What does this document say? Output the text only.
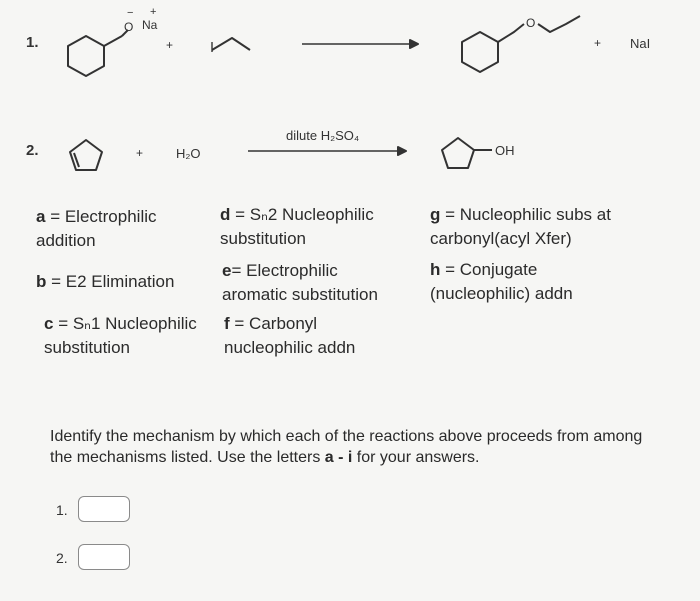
1.
O
−
Na
+
+
O
+ NaI
2.	+	H₂O
dilute H₂SO₄
OH
a = Electrophilic
addition
b = E2 Elimination
c = Sₙ1 Nucleophilic
substitution
d = Sₙ2 Nucleophilic
substitution
e= Electrophilic
aromatic substitution
f = Carbonyl
nucleophilic addn
g = Nucleophilic subs at
carbonyl(acyl Xfer)
h = Conjugate
(nucleophilic) addn
Identify the mechanism by which each of the reactions above proceeds from among the mechanisms listed. Use the letters a - i for your answers.
1.
2.
